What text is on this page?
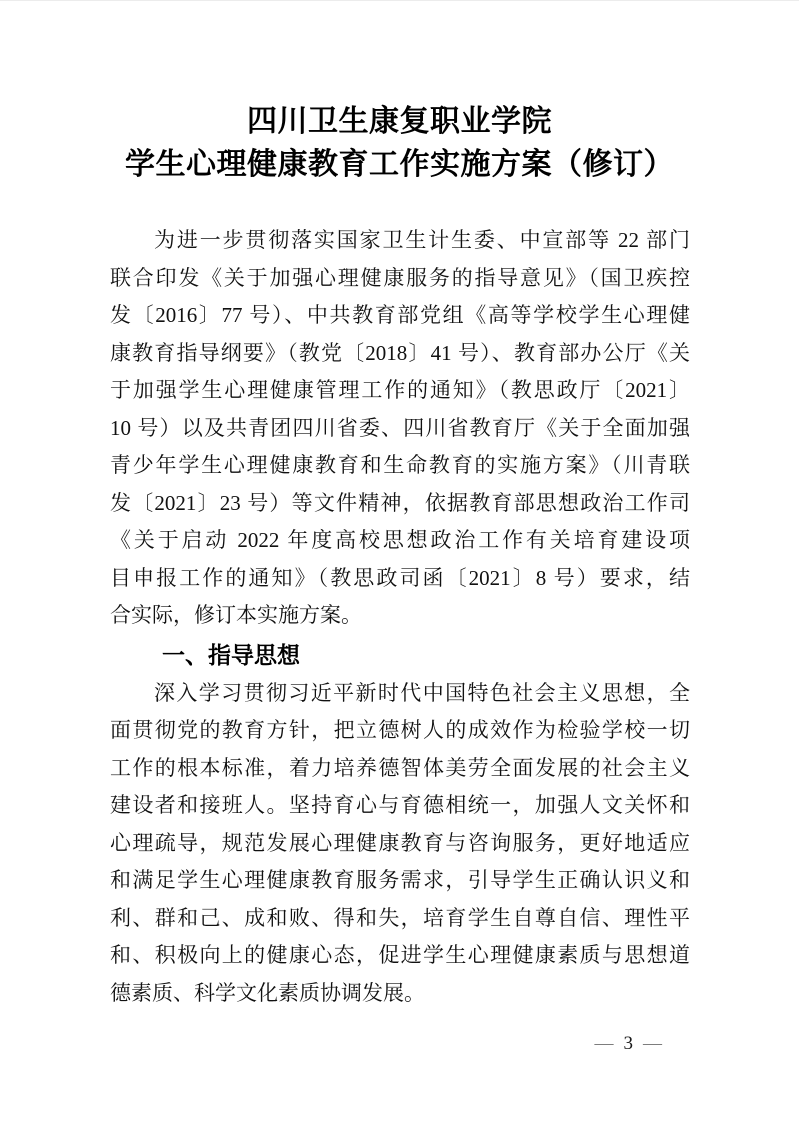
四川卫生康复职业学院
学生心理健康教育工作实施方案（修订）
为进一步贯彻落实国家卫生计生委、中宣部等 22 部门
联合印发《关于加强心理健康服务的指导意见》（国卫疾控
发〔2016〕77 号）、中共教育部党组《高等学校学生心理健
康教育指导纲要》（教党〔2018〕41 号）、教育部办公厅《关
于加强学生心理健康管理工作的通知》（教思政厅〔2021〕
10 号）以及共青团四川省委、四川省教育厅《关于全面加强
青少年学生心理健康教育和生命教育的实施方案》（川青联
发〔2021〕23 号）等文件精神，依据教育部思想政治工作司
《关于启动 2022 年度高校思想政治工作有关培育建设项
目申报工作的通知》（教思政司函〔2021〕8 号）要求，结
合实际，修订本实施方案。
一、指导思想
深入学习贯彻习近平新时代中国特色社会主义思想，全
面贯彻党的教育方针，把立德树人的成效作为检验学校一切
工作的根本标准，着力培养德智体美劳全面发展的社会主义
建设者和接班人。坚持育心与育德相统一，加强人文关怀和
心理疏导，规范发展心理健康教育与咨询服务，更好地适应
和满足学生心理健康教育服务需求，引导学生正确认识义和
利、群和己、成和败、得和失，培育学生自尊自信、理性平
和、积极向上的健康心态，促进学生心理健康素质与思想道
德素质、科学文化素质协调发展。
— 3 —
